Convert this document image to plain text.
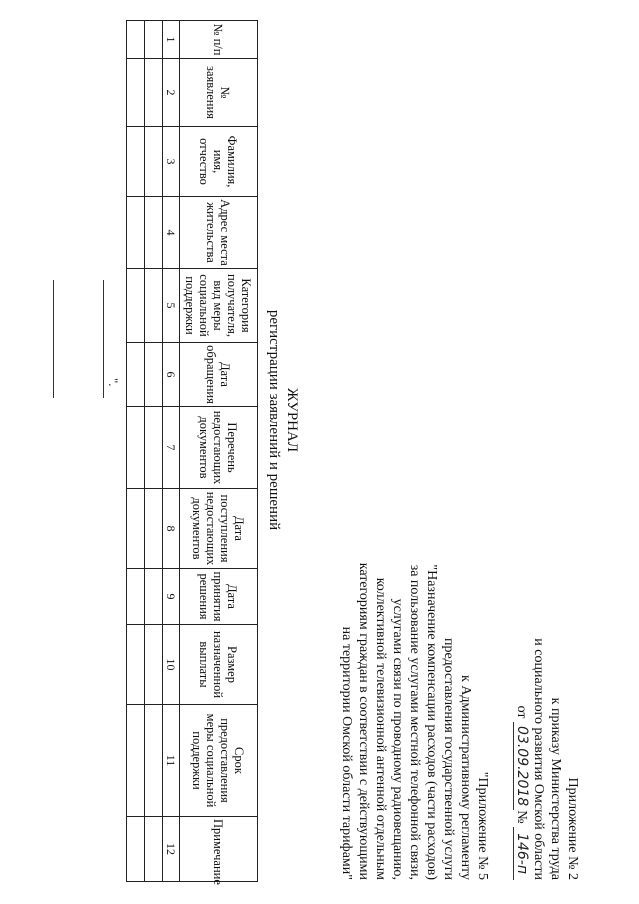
Приложение № 2
к приказу Министерства труда
и социального развития Омской области
от 03.09.2018№ 146-п
"Приложение № 5
к Административному регламенту
предоставления государственной услуги
"Назначение компенсации расходов (части расходов)
за пользование услугами местной телефонной связи,
услугами связи по проводному радиовещанию,
коллективной телевизионной антенной отдельным
категориям граждан в соответствии с действующими
на территории Омской области тарифами"
ЖУРНАЛ
регистрации заявлений и решений
№ п/п	№ заявления	Фамилия, имя, отчество	Адрес места жительства	Категория получателя, вид меры социальной поддержки	Дата обращения	Перечень недостающих документов	Дата поступления недостающих документов	Дата принятия решения	Размер назначенной выплаты	Срок предоставления меры социальной поддержки	Примечание
1	2	3	4	5	6	7	8	9	10	11	12

".
